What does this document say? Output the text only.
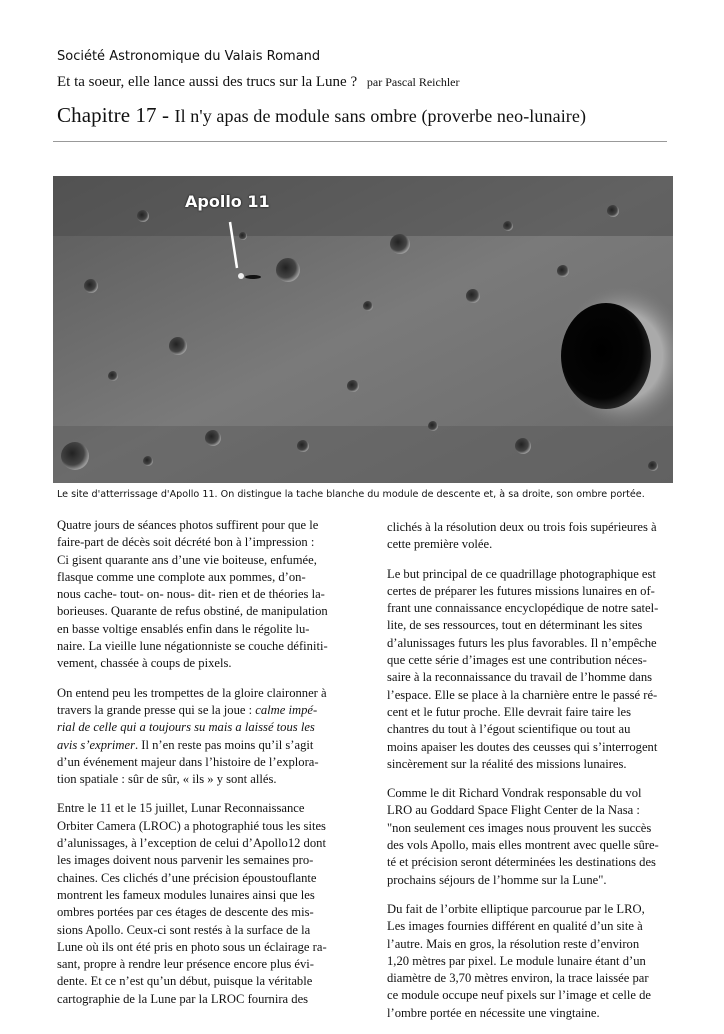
Société Astronomique du Valais Romand
Et ta soeur, elle lance aussi des trucs sur la Lune ? par Pascal Reichler
Chapitre 17 - Il n'y apas de module sans ombre (proverbe neo-lunaire)
Apollo 11
Le site d'atterrissage d'Apollo 11. On distingue la tache blanche du module de descente et, à sa droite, son ombre portée.

Quatre jours de séances photos suffirent pour que le
faire-part de décès soit décrété bon à l’impression :
Ci gisent quarante ans d’une vie boiteuse, enfumée,
flasque comme une complote aux pommes, d’on-
nous cache- tout- on- nous- dit- rien et de théories la-
borieuses. Quarante de refus obstiné, de manipulation
en basse voltige ensablés enfin dans le régolite lu-
naire. La vieille lune négationniste se couche définiti-
vement, chassée à coups de pixels.

On entend peu les trompettes de la gloire claironner à
travers la grande presse qui se la joue : calme impé-
rial de celle qui a toujours su mais a laissé tous les
avis s’exprimer. Il n’en reste pas moins qu’il s’agit
d’un événement majeur dans l’histoire de l’explora-
tion spatiale : sûr de sûr, « ils » y sont allés.

Entre le 11 et le 15 juillet, Lunar Reconnaissance
Orbiter Camera (LROC) a photographié tous les sites
d’alunissages, à l’exception de celui d’Apollo12 dont
les images doivent nous parvenir les semaines pro-
chaines. Ces clichés d’une précision époustouflante
montrent les fameux modules lunaires ainsi que les
ombres portées par ces étages de descente des mis-
sions Apollo. Ceux-ci sont restés à la surface de la
Lune où ils ont été pris en photo sous un éclairage ra-
sant, propre à rendre leur présence encore plus évi-
dente. Et ce n’est qu’un début, puisque la véritable
cartographie de la Lune par la LROC fournira des

clichés à la résolution deux ou trois fois supérieures à
cette première volée.

Le but principal de ce quadrillage photographique est
certes de préparer les futures missions lunaires en of-
frant une connaissance encyclopédique de notre satel-
lite, de ses ressources, tout en déterminant les sites
d’alunissages futurs les plus favorables. Il n’empêche
que cette série d’images est une contribution néces-
saire à la reconnaissance du travail de l’homme dans
l’espace. Elle se place à la charnière entre le passé ré-
cent et le futur proche. Elle devrait faire taire les
chantres du tout à l’égout scientifique ou tout au
moins apaiser les doutes des ceusses qui s’interrogent
sincèrement sur la réalité des missions lunaires.

Comme le dit Richard Vondrak responsable du vol
LRO au Goddard Space Flight Center de la Nasa :
"non seulement ces images nous prouvent les succès
des vols Apollo, mais elles montrent avec quelle sûre-
té et précision seront déterminées les destinations des
prochains séjours de l’homme sur la Lune".

Du fait de l’orbite elliptique parcourue par le LRO,
Les images fournies différent en qualité d’un site à
l’autre. Mais en gros, la résolution reste d’environ
1,20 mètres par pixel. Le module lunaire étant d’un
diamètre de 3,70 mètres environ, la trace laissée par
ce module occupe neuf pixels sur l’image et celle de
l’ombre portée en nécessite une vingtaine.
